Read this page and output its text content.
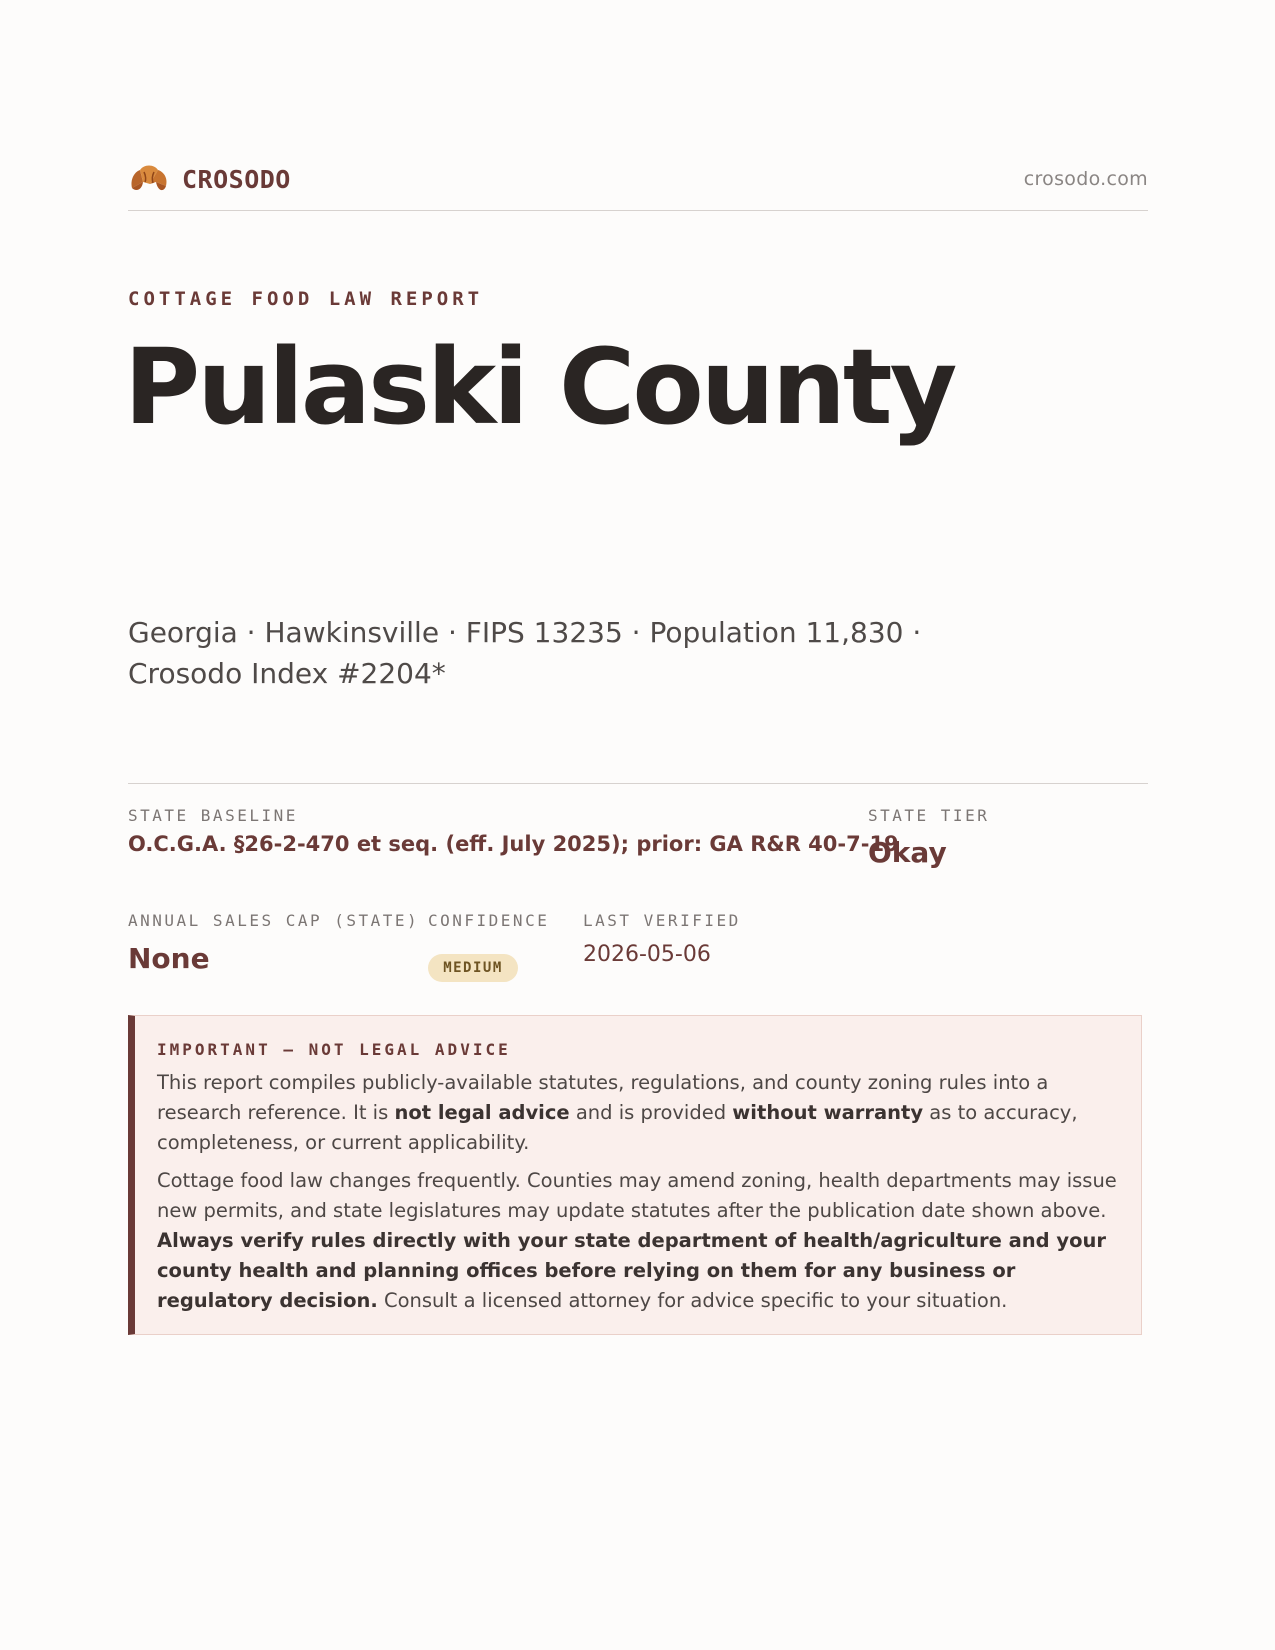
CROSODO	crosodo.com
COTTAGE FOOD LAW REPORT
Pulaski County
Georgia · Hawkinsville · FIPS 13235 · Population 11,830 ·
Crosodo Index #2204*
STATE BASELINE
O.C.G.A. §26-2-470 et seq. (eff. July 2025); prior: GA R&R 40-7-19
STATE TIER
Okay
ANNUAL SALES CAP (STATE)
None
CONFIDENCE
MEDIUM
LAST VERIFIED
2026-05-06
IMPORTANT — NOT LEGAL ADVICE

This report compiles publicly-available statutes, regulations, and county zoning rules into a research reference. It is not legal advice and is provided without warranty as to accuracy, completeness, or current applicability.

Cottage food law changes frequently. Counties may amend zoning, health departments may issue new permits, and state legislatures may update statutes after the publication date shown above. Always verify rules directly with your state department of health/agriculture and your county health and planning offices before relying on them for any business or regulatory decision. Consult a licensed attorney for advice specific to your situation.
